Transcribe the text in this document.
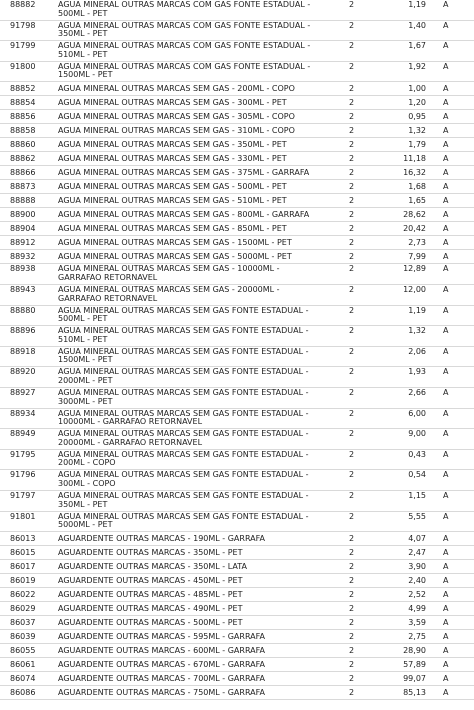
88882	AGUA MINERAL OUTRAS MARCAS COM GAS FONTE ESTADUAL -
500ML - PET
2	1,19 A
91798	AGUA MINERAL OUTRAS MARCAS COM GAS FONTE ESTADUAL -
350ML - PET
2	1,40 A
91799	AGUA MINERAL OUTRAS MARCAS COM GAS FONTE ESTADUAL -
510ML - PET
2	1,67 A
91800	AGUA MINERAL OUTRAS MARCAS COM GAS FONTE ESTADUAL -
1500ML - PET
2	1,92 A
88852	AGUA MINERAL OUTRAS MARCAS SEM GAS - 200ML - COPO	2	1,00 A
88854	AGUA MINERAL OUTRAS MARCAS SEM GAS - 300ML - PET	2	1,20 A
88856	AGUA MINERAL OUTRAS MARCAS SEM GAS - 305ML - COPO	2	0,95 A
88858	AGUA MINERAL OUTRAS MARCAS SEM GAS - 310ML - COPO	2	1,32 A
88860	AGUA MINERAL OUTRAS MARCAS SEM GAS - 350ML - PET	2	1,79 A
88862	AGUA MINERAL OUTRAS MARCAS SEM GAS - 330ML - PET	2	11,18 A
88866	AGUA MINERAL OUTRAS MARCAS SEM GAS - 375ML - GARRAFA	2	16,32 A
88873	AGUA MINERAL OUTRAS MARCAS SEM GAS - 500ML - PET	2	1,68 A
88888	AGUA MINERAL OUTRAS MARCAS SEM GAS - 510ML - PET	2	1,65 A
88900	AGUA MINERAL OUTRAS MARCAS SEM GAS - 800ML - GARRAFA	2	28,62 A
88904	AGUA MINERAL OUTRAS MARCAS SEM GAS - 850ML - PET	2	20,42 A
88912	AGUA MINERAL OUTRAS MARCAS SEM GAS - 1500ML - PET	2	2,73 A
88932	AGUA MINERAL OUTRAS MARCAS SEM GAS - 5000ML - PET	2	7,99 A
88938	AGUA MINERAL OUTRAS MARCAS SEM GAS - 10000ML -
GARRAFAO RETORNAVEL
2	12,89 A
88943	AGUA MINERAL OUTRAS MARCAS SEM GAS - 20000ML -
GARRAFAO RETORNAVEL
2	12,00 A
88880	AGUA MINERAL OUTRAS MARCAS SEM GAS FONTE ESTADUAL -
500ML - PET
2	1,19 A
88896	AGUA MINERAL OUTRAS MARCAS SEM GAS FONTE ESTADUAL -
510ML - PET
2	1,32 A
88918	AGUA MINERAL OUTRAS MARCAS SEM GAS FONTE ESTADUAL -
1500ML - PET
2	2,06 A
88920	AGUA MINERAL OUTRAS MARCAS SEM GAS FONTE ESTADUAL -
2000ML - PET
2	1,93 A
88927	AGUA MINERAL OUTRAS MARCAS SEM GAS FONTE ESTADUAL -
3000ML - PET
2	2,66 A
88934	AGUA MINERAL OUTRAS MARCAS SEM GAS FONTE ESTADUAL -
10000ML - GARRAFAO RETORNAVEL
2	6,00 A
88949	AGUA MINERAL OUTRAS MARCAS SEM GAS FONTE ESTADUAL -
20000ML - GARRAFAO RETORNAVEL
2	9,00 A
91795	AGUA MINERAL OUTRAS MARCAS SEM GAS FONTE ESTADUAL -
200ML - COPO
2	0,43 A
91796	AGUA MINERAL OUTRAS MARCAS SEM GAS FONTE ESTADUAL -
300ML - COPO
2	0,54 A
91797	AGUA MINERAL OUTRAS MARCAS SEM GAS FONTE ESTADUAL -
350ML - PET
2	1,15 A
91801	AGUA MINERAL OUTRAS MARCAS SEM GAS FONTE ESTADUAL -
5000ML - PET
2	5,55 A
86013	AGUARDENTE OUTRAS MARCAS - 190ML - GARRAFA	2	4,07 A
86015	AGUARDENTE OUTRAS MARCAS - 350ML - PET	2	2,47 A
86017	AGUARDENTE OUTRAS MARCAS - 350ML - LATA	2	3,90 A
86019	AGUARDENTE OUTRAS MARCAS - 450ML - PET	2	2,40 A
86022	AGUARDENTE OUTRAS MARCAS - 485ML - PET	2	2,52 A
86029	AGUARDENTE OUTRAS MARCAS - 490ML - PET	2	4,99 A
86037	AGUARDENTE OUTRAS MARCAS - 500ML - PET	2	3,59 A
86039	AGUARDENTE OUTRAS MARCAS - 595ML - GARRAFA	2	2,75 A
86055	AGUARDENTE OUTRAS MARCAS - 600ML - GARRAFA	2	28,90 A
86061	AGUARDENTE OUTRAS MARCAS - 670ML - GARRAFA	2	57,89 A
86074	AGUARDENTE OUTRAS MARCAS - 700ML - GARRAFA	2	99,07 A
86086	AGUARDENTE OUTRAS MARCAS - 750ML - GARRAFA	2	85,13 A
